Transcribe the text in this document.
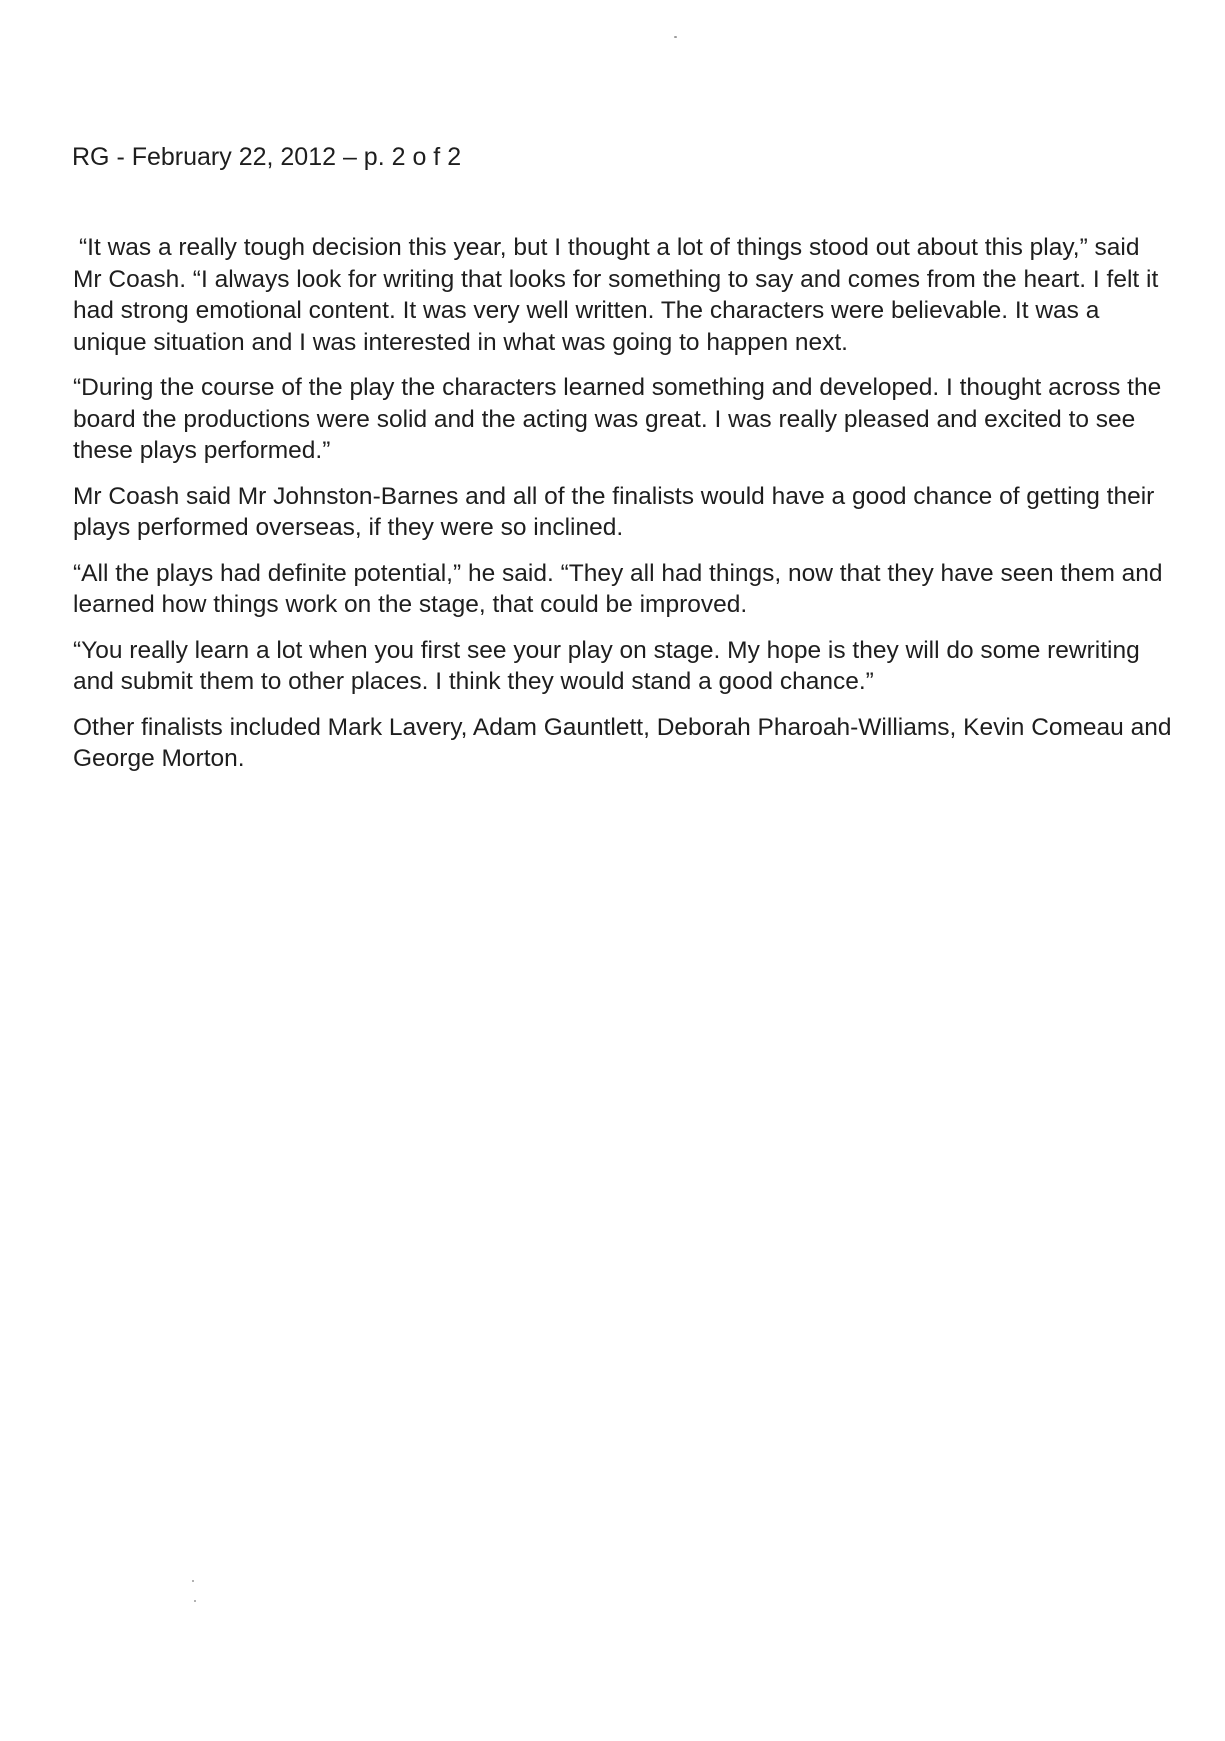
RG - February 22, 2012 – p. 2 o f 2

“It was a really tough decision this year, but I thought a lot of things stood out about this play,” said Mr Coash. “I always look for writing that looks for something to say and comes from the heart. I felt it had strong emotional content. It was very well written. The characters were believable. It was a unique situation and I was interested in what was going to happen next.

“During the course of the play the characters learned something and developed. I thought across the board the productions were solid and the acting was great. I was really pleased and excited to see these plays performed.”

Mr Coash said Mr Johnston-Barnes and all of the finalists would have a good chance of getting their plays performed overseas, if they were so inclined.

“All the plays had definite potential,” he said. “They all had things, now that they have seen them and learned how things work on the stage, that could be improved.

“You really learn a lot when you first see your play on stage. My hope is they will do some rewriting and submit them to other places. I think they would stand a good chance.”

Other finalists included Mark Lavery, Adam Gauntlett, Deborah Pharoah-Williams, Kevin Comeau and George Morton.
